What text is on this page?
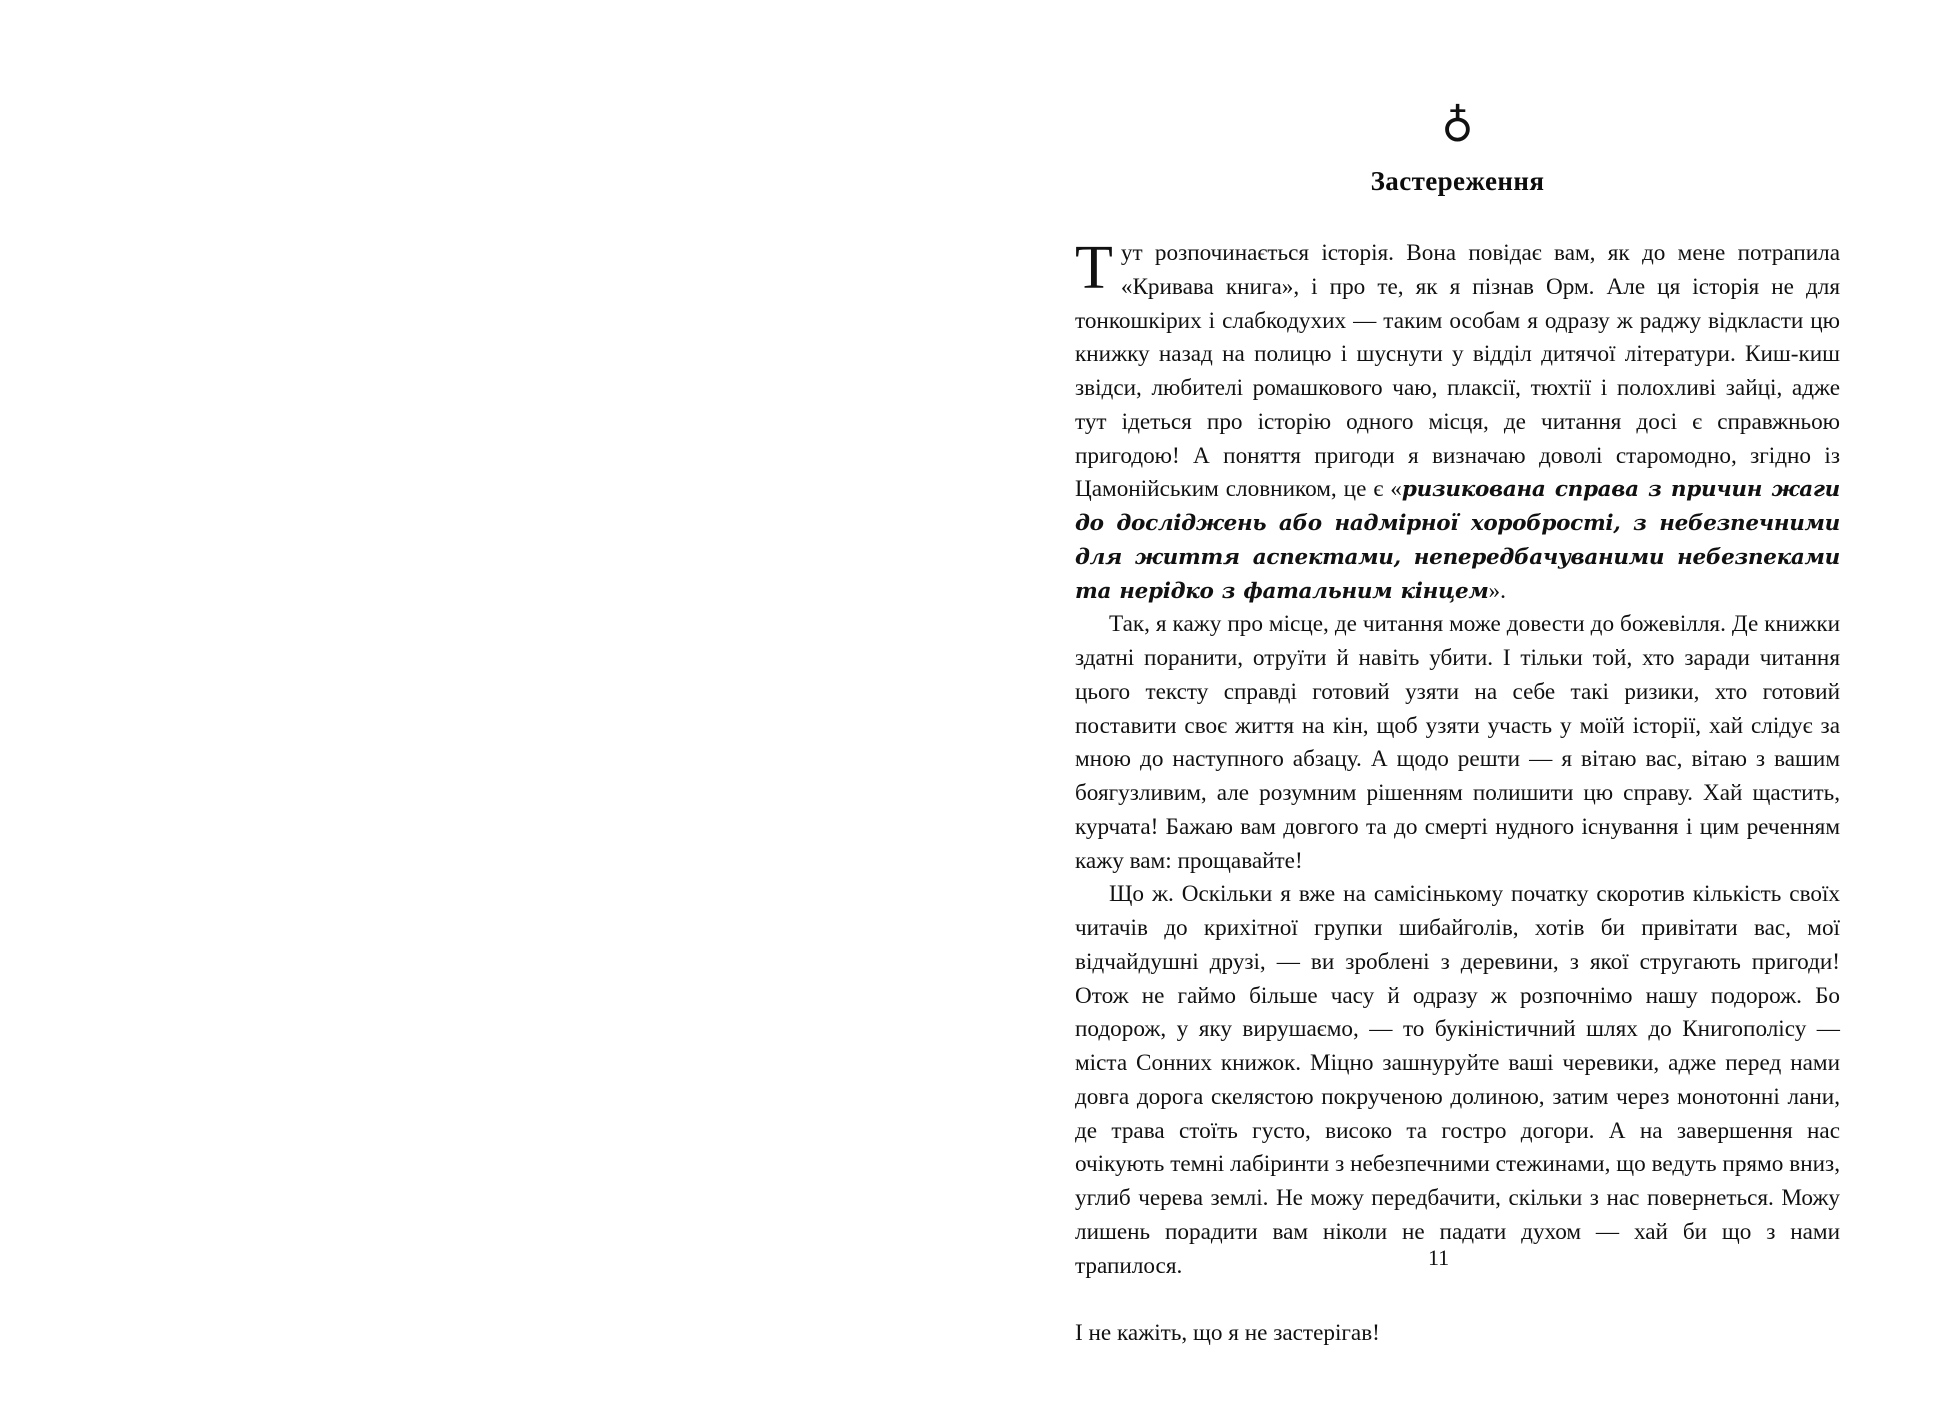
♁
Застереження

Тут розпочинається історія. Вона повідає вам, як до мене потрапила «Кривава книга», і про те, як я пізнав Орм. Але ця історія не для тонкошкірих і слабкодухих — таким особам я одразу ж раджу відкласти цю книжку назад на полицю і шуснути у відділ дитячої літератури. Киш-киш звідси, любителі ромашкового чаю, плаксії, тюхтії і полохливі зайці, адже тут ідеться про історію одного місця, де читання досі є справжньою пригодою! А поняття пригоди я визначаю доволі старомодно, згідно із Цамонійським словником, це є «ризикована справа з причин жаги до досліджень або надмірної хоробрості, з небезпечними для життя аспектами, непередбачуваними небезпеками та нерідко з фатальним кінцем».

Так, я кажу про місце, де читання може довести до божевілля. Де книжки здатні поранити, отруїти й навіть убити. І тільки той, хто заради читання цього тексту справді готовий узяти на себе такі ризики, хто готовий поставити своє життя на кін, щоб узяти участь у моїй історії, хай слідує за мною до наступного абзацу. А щодо решти — я вітаю вас, вітаю з вашим боягузливим, але розумним рішенням полишити цю справу. Хай щастить, курчата! Бажаю вам довгого та до смерті нудного існування і цим реченням кажу вам: прощавайте!

Що ж. Оскільки я вже на самісінькому початку скоротив кількість своїх читачів до крихітної групки шибайголів, хотів би привітати вас, мої відчайдушні друзі, — ви зроблені з деревини, з якої стругають пригоди! Отож не гаймо більше часу й одразу ж розпочнімо нашу подорож. Бо подорож, у яку вирушаємо, — то букіністичний шлях до Книгополісу — міста Сонних книжок. Міцно зашнуруйте ваші черевики, адже перед нами довга дорога скелястою покрученою долиною, затим через монотонні лани, де трава стоїть густо, високо та гостро догори. А на завершення нас очікують темні лабіринти з небезпечними стежинами, що ведуть прямо вниз, углиб черева землі. Не можу передбачити, скільки з нас повернеться. Можу лишень порадити вам ніколи не падати духом — хай би що з нами трапилося.

І не кажіть, що я не застерігав!

11
